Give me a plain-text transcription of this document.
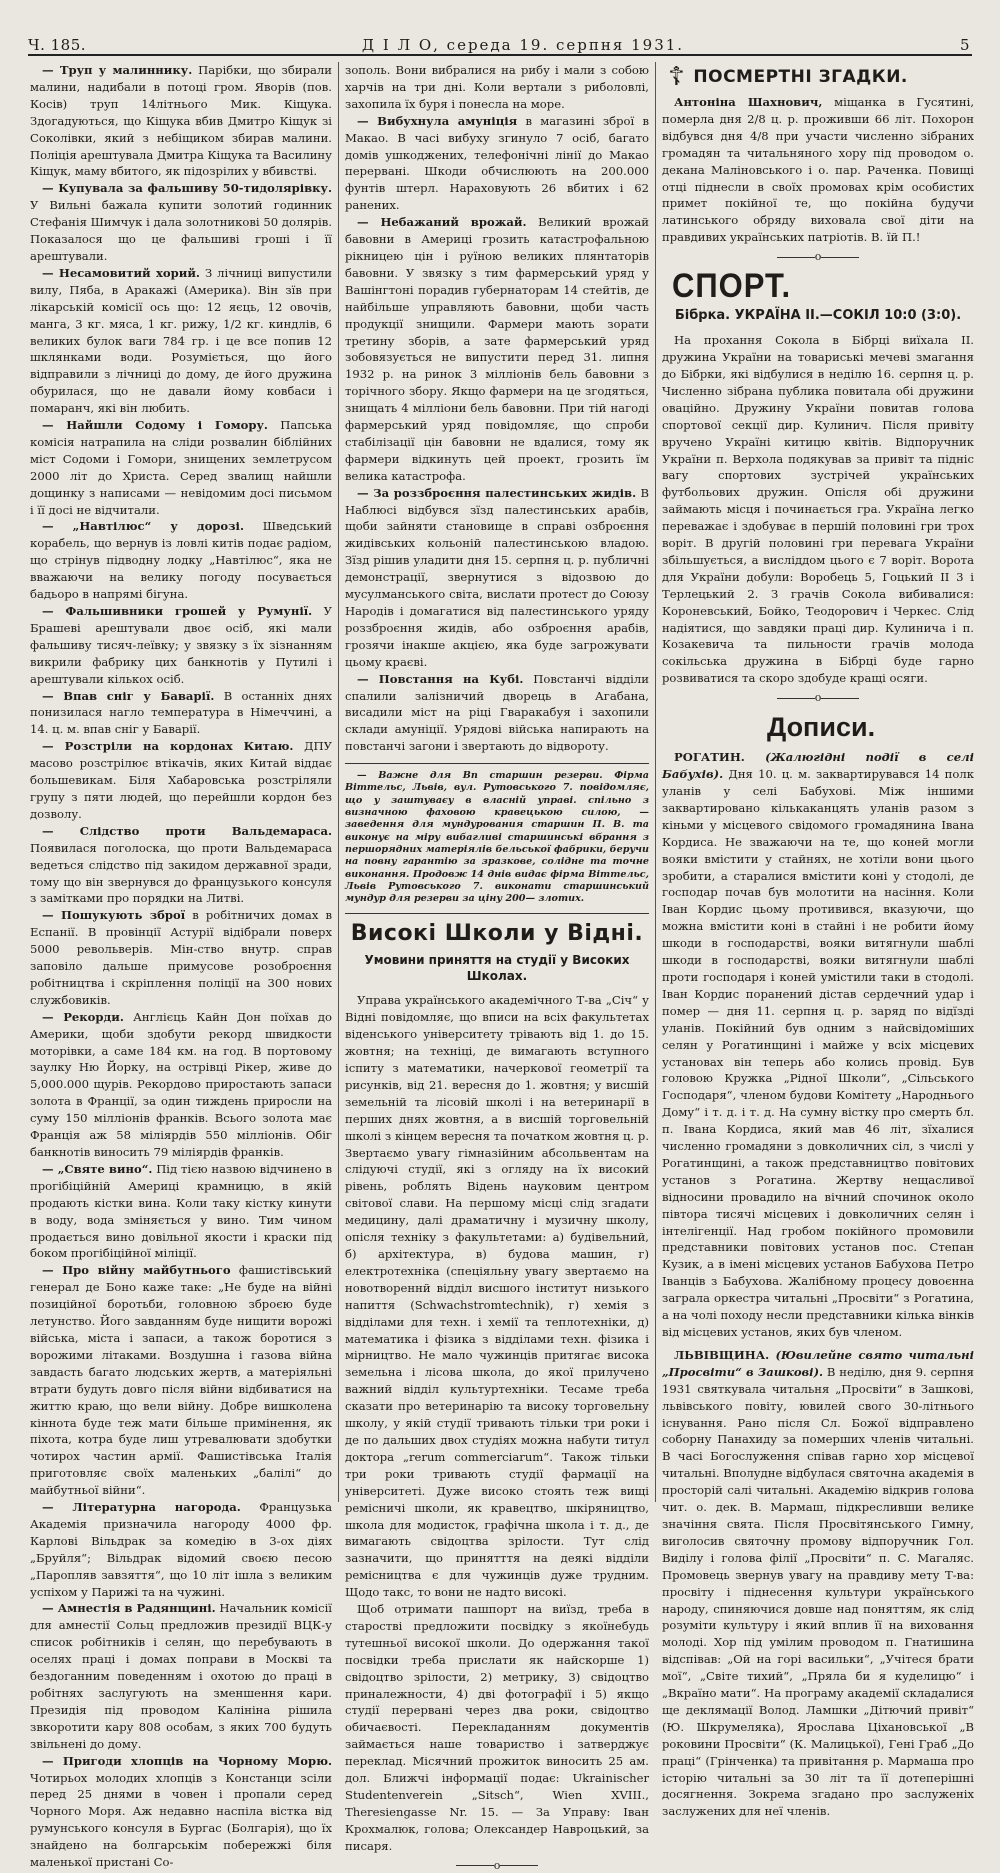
Ч. 185.	Д І Л О, середа 19. серпня 1931.	5

— Труп у малиннику. Парібки, що збирали малини, надибали в потоці гром. Яворів (пов. Косів) труп 14літнього Мик. Кіщука. Здогадуються, що Кіщука вбив Дмитро Кіщук зі Соколівки, який з небіщиком збирав малини. Поліція арештувала Дмитра Кіщука та Василину Кіщук, маму вбитого, як підозрілих у вбивстві.

— Купувала за фальшиву 50-тидолярівку. У Вильні бажала купити золотий годинник Стефанія Шимчук і дала золотникові 50 долярів. Показалося що це фальшиві гроші і її арештували.

— Несамовитий хорий. З лічниці випустили вилу, Пяба, в Аракажі (Америка). Він зїв при лікарській комісії ось що: 12 яєць, 12 овочів, манга, 3 кг. мяса, 1 кг. рижу, 1/2 кг. киндлів, 6 великих булок ваги 784 гр. і це все попив 12 шклянками води. Розуміється, що його відправили з лічниці до дому, де його дружина обурилася, що не давали йому ковбаси і помаранч, які він любить.

— Найшли Содому і Гомору. Папська комісія натрапила на сліди розвалин біблійних міст Содоми і Гомори, знищених землетрусом 2000 літ до Христа. Серед звалищ найшли дощинку з написами — невідомим досі письмом і її досі не відчитали.

— „Навтілюс“ у дорозі. Шведський корабель, що вернув із ловлі китів подає радіом, що стрінув підводну лодку „Навтілюс“, яка не вважаючи на велику погоду посувається бадьоро в напрямі бігуна.

— Фальшивники грошей у Румунії. У Брашеві арештували двоє осіб, які мали фальшиву тисяч-леївку; у звязку з їх зізнанням викрили фабрику цих банкнотів у Путилі і арештували кількох осіб.

— Впав сніг у Баварії. В останніх днях понизилася нагло температура в Німеччині, а 14. ц. м. впав сніг у Баварії.

— Розстріли на кордонах Китаю. ДПУ масово розстрілює втікачів, яких Китай віддає большевикам. Біля Хабаровська розстріляли групу з пяти людей, що перейшли кордон без дозволу.

— Слідство проти Вальдемараса. Появилася поголоска, що проти Вальдемараса ведеться слідство під закидом державної зради, тому що він звернувся до французького консуля з замітками про порядки на Литві.

— Пошукують зброї в робітничих домах в Еспанії. В провінції Астурії відібрали поверх 5000 револьверів. Мін-ство внутр. справ заповіло дальше примусове розоброєння робітництва і скріплення поліції на 300 нових службовиків.

— Рекорди. Англієць Кайн Дон поїхав до Америки, щоби здобути рекорд швидкости моторівки, а саме 184 км. на год. В портовому заулку Ню Йорку, на острівці Рікер, живе до 5,000.000 щурів. Рекордово приростають запаси золота в Франції, за один тиждень приросли на суму 150 мілліонів франків. Всього золота має Франція аж 58 міліярдів 550 мілліонів. Обіг банкнотів виносить 79 міліярдів франків.

— „Святе вино“. Під тією назвою відчинено в прогібіційній Америці крамницю, в якій продають кістки вина. Коли таку кістку кинути в воду, вода зміняється у вино. Тим чином продається вино довільної якости і краски під боком прогібіційної міліції.

— Про війну майбутнього фашистівський генерал де Боно каже таке: „Не буде на війні позиційної боротьби, головною зброєю буде летунство. Його завданням буде нищити ворожі війська, міста і запаси, а також боротися з ворожими літаками. Воздушна і газова війна завдасть багато людських жертв, а матеріяльні втрати будуть довго після війни відбиватися на життю краю, що вели війну. Добре вишколена кіннота буде теж мати більше примінення, як піхота, котра буде лиш утревалювати здобутки чотирох частин армії. Фашистівська Італія приготовляє своїх маленьких „балілі“ до майбутньої війни“.

— Літературна нагорода. Французька Академія призначила нагороду 4000 фр. Карлові Вільдрак за комедію в 3-ох діях „Бруйля“; Вільдрак відомий своєю песою „Паропляв завзяття“, що 10 літ ішла з великим успіхом у Парижі та на чужині.

— Амнестія в Радянщині. Начальник комісії для амнестії Сольц предложив президії ВЦК-у список робітників і селян, що перебувають в оселях праці і домах поправи в Москві та бездоганним поведенням і охотою до праці в робітнях заслугують на зменшення кари. Президія під проводом Калініна рішила звкоротити кару 808 особам, з яких 700 будуть звільнені до дому.

— Пригоди хлопців на Чорному Морю. Чотирьох молодих хлопців з Констанци зсіли перед 25 днями в човен і пропали серед Чорного Моря. Аж недавно наспіла вістка від румунського консуля в Бургас (Болгарія), що їх знайдено на болгарськім побережжі біля маленької пристані Со-

зополь. Вони вибралися на рибу і мали з собою харчів на три дні. Коли вертали з риболовлі, захопила їх буря і понесла на море.

— Вибухнула амуніція в магазині зброї в Макао. В часі вибуху згинуло 7 осіб, багато домів ушкоджених, телефонічні лінії до Макао перервані. Шкоди обчислюють на 200.000 фунтів штерл. Нараховують 26 вбитих і 62 ранених.

— Небажаний врожай. Великий врожай бавовни в Америці грозить катастрофальною рікницею цін і руїною великих плянтаторів бавовни. У звязку з тим фармерський уряд у Вашінгтоні порадив губернаторам 14 стейтів, де найбільше управляють бавовни, щоби часть продукції знищили. Фармери мають зорати третину зборів, а зате фармерський уряд зобовязується не випустити перед 31. липня 1932 р. на ринок 3 мілліонів бель бавовни з торічного збору. Якщо фармери на це згодяться, знищать 4 мілліони бель бавовни. При тій нагоді фармерський уряд повідомляє, що спроби стабілізації цін бавовни не вдалися, тому як фармери відкинуть цей проект, грозить їм велика катастрофа.

— За роззброєння палестинських жидів. В Наблюсі відбувся зїзд палестинських арабів, щоби зайняти становище в справі озброєння жидівських кольоній палестинською владою. Зїзд рішив уладити дня 15. серпня ц. р. публичні демонстрації, звернутися з відозвою до мусулманського світа, вислати протест до Союзу Народів і домагатися від палестинського уряду роззброєння жидів, або озброєння арабів, грозячи інакше акцією, яка буде загрожувати цьому краєві.

— Повстання на Кубі. Повстанчі відділи спалили залізничий дворець в Агабана, висадили міст на ріці Гваракабуя і захопили склади амуніції. Урядові війська напирають на повстанчі загони і звертають до відвороту.

— Важне для Вп старшин резерви. Фірма Віттельс, Львів, вул. Рутовського 7. повідомляє, що у заштуваєу в власній управі. спільно з визначною фаховою кравецькою силою, — заведення для мундурования старшин П. В. та виконує на міру вибагливі старшинські вбрання з першорядних матеріялів бельської фабрики, беручи на повну гарантію за зразкове, солідне та точне виконання. Продовж 14 днів видає фірма Віттельс, Львів Рутовського 7. виконати старшинський мундур для резерви за ціну 200— злотих.

Високі Школи у Відні.
Умовини приняття на студії у Високих Школах.

Управа українського академічного Т-ва „Січ“ у Відні повідомляє, що вписи на всіх факультетах віденського університету трівають від 1. до 15. жовтня; на техніці, де вимагають вступного іспиту з математики, начеркової геометрії та рисунків, від 21. вересня до 1. жовтня; у висшій земельній та лісовій школі і на ветеринарії в перших днях жовтня, а в висшій торговельній школі з кінцем вересня та початком жовтня ц. р. Звертаємо увагу гімназійним абсольвентам на слідуючі студії, які з огляду на їх високий рівень, роблять Відень науковим центром світової слави. На першому місці слід згадати медицину, далі драматичну і музичну школу, опісля техніку з факультетами: а) будівельний, б) архітектура, в) будова машин, г) електротехніка (спеціяльну увагу звертаємо на новотвореннй відділ висшого інститут низького напиття (Schwachstromtechnik), г) хемія з відділами для техн. і хемії та теплотехніки, д) математика і фізика з відділами техн. фізика і мірництво. Не мало чужинців притягає висока земельна і лісова школа, до якої прилучено важний відділ культуртехніки. Тесаме треба сказати про ветеринарію та високу торговельну школу, у якій студії тривають тільки три роки і де по дальших двох студіях можна набути титул доктора „rerum commerciarum“. Також тільки три роки тривають студії фармації на університеті. Дуже високо стоять теж вищі ремісничі школи, як кравецтво, шкіряництво, школа для модисток, графічна школа і т. д., де вимагають свідоцтва зрілости. Тут слід зазначити, що принятття на деякі відділи ремісництва є для чужинців дуже трудним. Щодо такс, то вони не надто високі.

Щоб отримати пашпорт на виїзд, треба в старостві предложити посвідку з якоїнебудь тутешньої високої школи. До одержання такої посвідки треба прислати як найскорше 1) свідоцтво зрілости, 2) метрику, 3) свідоцтво приналежности, 4) дві фотографії і 5) якщо студії перервані через два роки, свідоцтво обичаєвості. Перекладанням документів займається наше товариство і затверджує переклад. Місячний прожиток виносить 25 ам. дол. Ближчі інформації подає: Ukrainischer Studentenverein „Sitsch“, Wien XVIII., Theresiengasse Nr. 15. — За Управу: Іван Крохмалюк, голова; Олександер Навроцький, за писаря.

o
☦ ПОСМЕРТНІ ЗГАДКИ.

Антоніна Шахнович, міщанка в Гусятині, померла дня 2/8 ц. р. проживши 66 літ. Похорон відбувся дня 4/8 при участи численно зібраних громадян та читальняного хору під проводом о. декана Маліновського і о. пар. Раченка. Повищі отці піднесли в своїх промовах крім особистих примет покійної те, що покійна будучи латинського обряду виховала свої діти на правдивих українських патріотів. В. їй П.!

o
СПОРТ.
Бібрка. УКРАЇНА ІІ.—СОКІЛ 10:0 (3:0).

На прохання Сокола в Бібрці виїхала II. дружина України на товариські мечеві змагання до Бібрки, які відбулися в неділю 16. серпня ц. р. Численно зібрана публика повитала обі дружини оваційно. Дружину України повитав голова спортової секції дир. Кулинич. Після привіту вручено Україні китицю квітів. Відпоручник України п. Верхола подякував за привіт та підніс вагу спортових зустрічей українських футбольових дружин. Опісля обі дружини займають місця і починається гра. Україна легко переважає і здобуває в першій половині гри трох воріт. В другій половині гри перевага України збільшується, а висліддом цього є 7 воріт. Ворота для України добули: Воробець 5, Гоцький II 3 і Терлецький 2. З грачів Сокола вибивалися: Короневський, Бойко, Теодорович і Черкес. Слід надіятися, що завдяки праці дир. Кулинича і п. Козакевича та пильности грачів молода сокільська дружина в Бібрці буде гарно розвиватися та скоро здобуде кращі осяги.

o
Дописи.

РОГАТИН. (Жалюгідні події в селі Бабухів). Дня 10. ц. м. заквартирувався 14 полк уланів у селі Бабухові. Між іншими заквартировано кількаканцять уланів разом з кіньми у місцевого свідомого громадянина Івана Кордиса. Не зважаючи на те, що коней могли вояки вмістити у стайнях, не хотіли вони цього зробити, а старалися вмістити коні у стодолі, де господар почав був молотити на насіння. Коли Іван Кордис цьому противився, вказуючи, що можна вмістити коні в стайні і не робити йому шкоди в господарстві, вояки витягнули шаблі шкоди в господарстві, вояки витягнули шаблі проти господаря і коней умістили таки в стодолі. Іван Кордис поранений дістав сердечний удар і помер — дня 11. серпня ц. р. заряд по відїзді уланів. Покійний був одним з найсвідоміших селян у Рогатинщині і майже у всіх місцевих установах він теперь або колись провід. Був головою Кружка „Рідної Школи“, „Сільського Господаря“, членом будови Комітету „Народнього Дому“ і т. д. і т. д. На сумну вістку про смерть бл. п. Івана Кордиса, який мав 46 літ, зїхалися численно громадяни з довколичних сіл, з числі у Рогатинщині, а також представництво повітових установ з Рогатина. Жертву нещасливої відносини провадило на вічний спочинок около півтора тисячі місцевих і довколичних селян і інтелігенції. Над гробом покійного промовили представники повітових установ пос. Степан Кузик, а в імені місцевих установ Бабухова Петро Іванців з Бабухова. Жалібному процесу довоєнна заграла оркестра читальні „Просвіти“ з Рогатина, а на чолі походу несли представники кілька вінків від місцевих установ, яких був членом.

ЛЬВІВЩИНА. (Ювилейне свято читальні „Просвіти“ в Зашкові). В неділю, дня 9. серпня 1931 святкувала читальня „Просвіти“ в Зашкові, львівського повіту, ювилей свого 30-літнього існування. Рано після Сл. Божої відправлено соборну Панахиду за померших членів читальні. В часі Богослуження співав гарно хор місцевої читальні. Вполудне відбулася святочна академія в просторій салі читальні. Академію відкрив голова чит. о. дек. В. Мармаш, підкресливши велике значіння свята. Після Просвітянського Гимну, виголосив святочну промову відпоручник Гол. Виділу і голова філії „Просвіти“ п. С. Магаляс. Промовець звернув увагу на правдиву мету Т-ва: просвіту і піднесення культури українського народу, спиняючися довше над поняттям, як слід розуміти культуру і який вплив її на виховання молоді. Хор під умілим проводом п. Гнатишина відспівав: „Ой на горі васильки“, „Учітеся брати мої“, „Світе тихий“, „Пряла би я куделицю“ і „Вкраїно мати“. На програму академії складалися ще деклямації Волод. Ламшки „Дітючий привіт“ (Ю. Шкрумеляка), Ярослава Ціхановської „В роковини Просвіти“ (К. Малицької), Гені Граб „До праці“ (Грінченка) та привітання р. Мармаша про історію читальні за 30 літ та її дотеперішні досягнення. Зокрема згадано про заслуженіх заслужених для неї членів.
